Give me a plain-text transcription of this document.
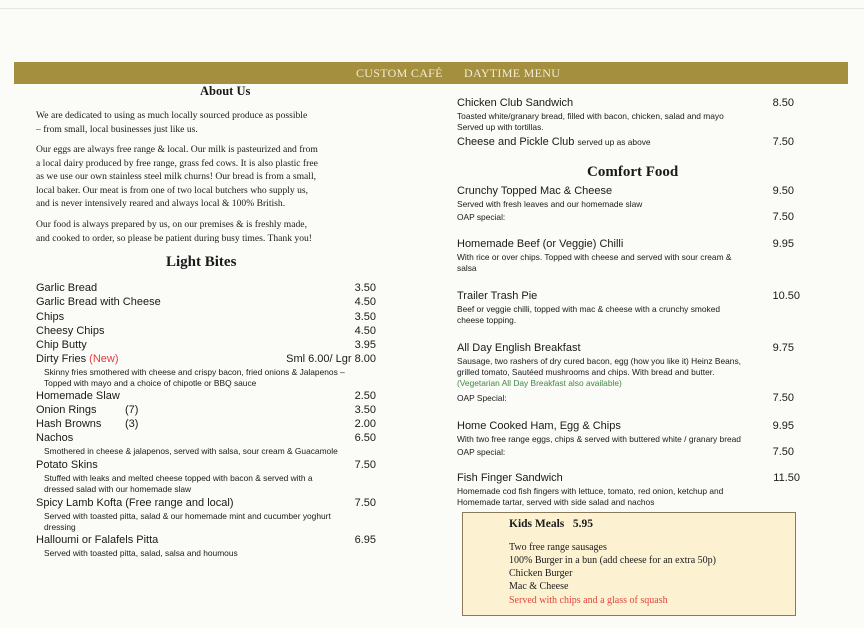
CUSTOM CAFÉ DAYTIME MENU
About Us
We are dedicated to using as much locally sourced produce as possible
– from small, local businesses just like us.
Our eggs are always free range & local. Our milk is pasteurized and from
a local dairy produced by free range, grass fed cows. It is also plastic free
as we use our own stainless steel milk churns! Our bread is from a small,
local baker. Our meat is from one of two local butchers who supply us,
and is never intensively reared and always local & 100% British.
Our food is always prepared by us, on our premises & is freshly made,
and cooked to order, so please be patient during busy times. Thank you!
Light Bites
Garlic Bread	3.50
Garlic Bread with Cheese	4.50
Chips	3.50
Cheesy Chips	4.50
Chip Butty	3.95
Dirty Fries (New)	Sml 6.00/ Lgr 8.00
Skinny fries smothered with cheese and crispy bacon, fried onions & Jalapenos –
Topped with mayo and a choice of chipotle or BBQ sauce
Homemade Slaw	2.50
Onion Rings	(7)	3.50
Hash Browns (3)	2.00
Nachos	6.50
Smothered in cheese & jalapenos, served with salsa, sour cream & Guacamole
Potato Skins	7.50
Stuffed with leaks and melted cheese topped with bacon & served with a
dressed salad with our homemade slaw
Spicy Lamb Kofta (Free range and local)	7.50
Served with toasted pitta, salad & our homemade mint and cucumber yoghurt
dressing
Halloumi or Falafels Pitta	6.95
Served with toasted pitta, salad, salsa and houmous
Chicken Club Sandwich	8.50
Toasted white/granary bread, filled with bacon, chicken, salad and mayo
Served up with tortillas.
Cheese and Pickle Club served up as above	7.50
Comfort Food
Crunchy Topped Mac & Cheese	9.50
Served with fresh leaves and our homemade slaw
OAP special:	7.50
Homemade Beef (or Veggie) Chilli	9.95
With rice or over chips. Topped with cheese and served with sour cream &
salsa
Trailer Trash Pie	10.50
Beef or veggie chilli, topped with mac & cheese with a crunchy smoked
cheese topping.
All Day English Breakfast	9.75
Sausage, two rashers of dry cured bacon, egg (how you like it) Heinz Beans,
grilled tomato, Sautéed mushrooms and chips. With bread and butter.
(Vegetarian All Day Breakfast also available)
OAP Special:	7.50
Home Cooked Ham, Egg & Chips	9.95
With two free range eggs, chips & served with buttered white / granary bread
OAP special:	7.50
Fish Finger Sandwich	11.50
Homemade cod fish fingers with lettuce, tomato, red onion, ketchup and
Homemade tartar, served with side salad and nachos
Kids Meals 5.95
Two free range sausages
100% Burger in a bun (add cheese for an extra 50p)
Chicken Burger
Mac & Cheese
Served with chips and a glass of squash
